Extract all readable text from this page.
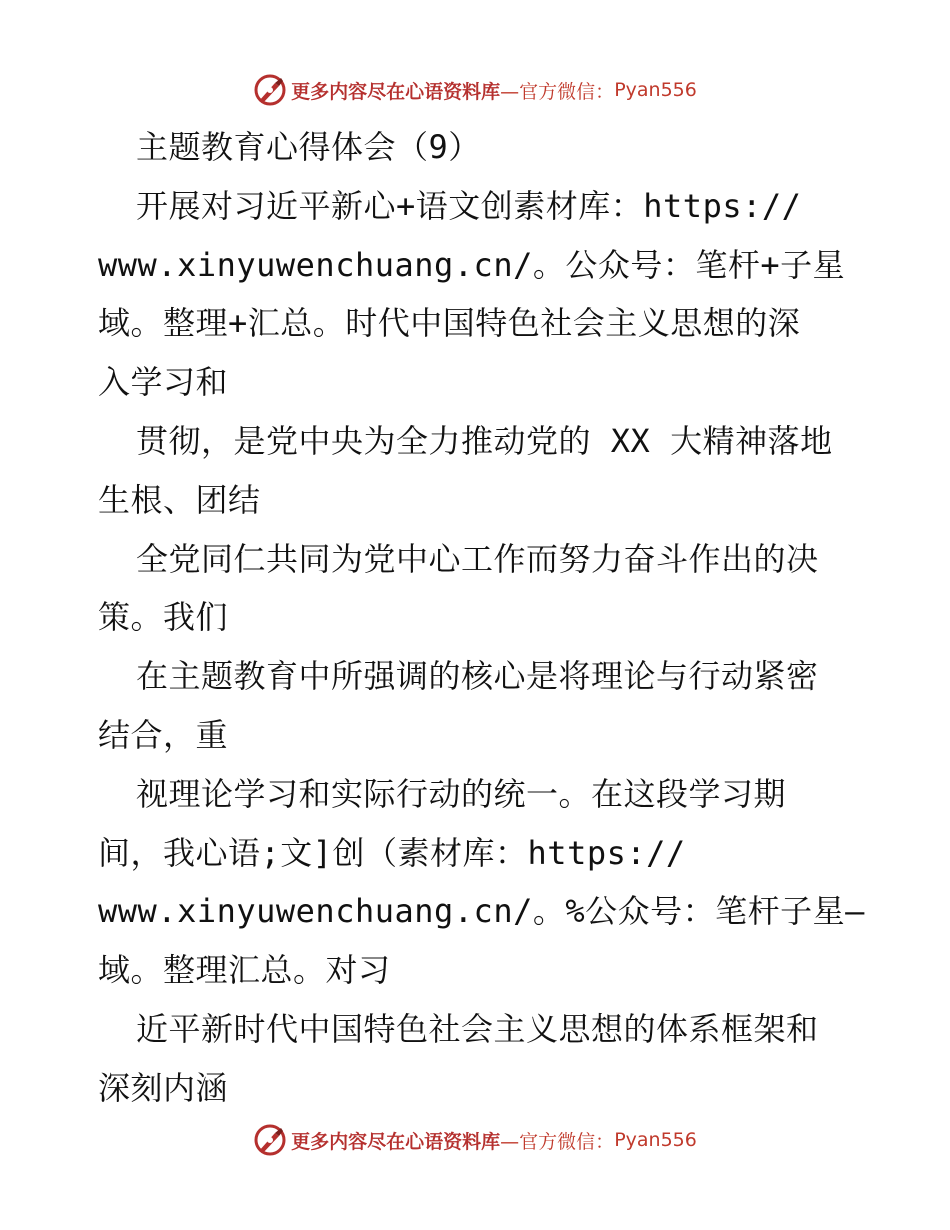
更多内容尽在心语资料库 —官方微信： Pyan556
主题教育心得体会（9）
开展对习近平新心+语文创素材库：https://
www.xinyuwenchuang.cn/。公众号：笔杆+子星
域。整理+汇总。时代中国特色社会主义思想的深
入学习和
贯彻，是党中央为全力推动党的 XX 大精神落地
生根、团结
全党同仁共同为党中心工作而努力奋斗作出的决
策。我们
在主题教育中所强调的核心是将理论与行动紧密
结合，重
视理论学习和实际行动的统一。在这段学习期
间，我心语;文]创（素材库：https://
www.xinyuwenchuang.cn/。%公众号：笔杆子星—
域。整理汇总。对习
近平新时代中国特色社会主义思想的体系框架和
深刻内涵
更多内容尽在心语资料库 —官方微信： Pyan556
